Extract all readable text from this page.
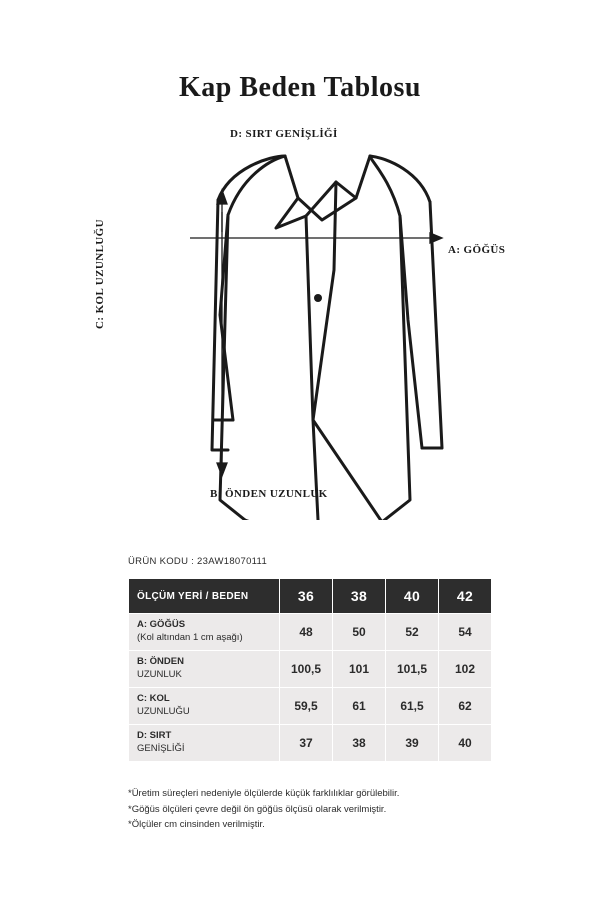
Kap Beden Tablosu
D: SIRT GENİŞLİĞİ
A: GÖĞÜS
C: KOL UZUNLUĞU
B: ÖNDEN UZUNLUK
ÜRÜN KODU : 23AW18070111
ÖLÇÜM YERİ / BEDEN	36	38	40	42

A: GÖĞÜS
(Kol altından 1 cm aşağı)	48	50	52	54

B: ÖNDEN
UZUNLUK	100,5	101	101,5	102

C: KOL
UZUNLUĞU	59,5	61	61,5	62

D: SIRT
GENİŞLİĞİ	37	38	39	40
*Üretim süreçleri nedeniyle ölçülerde küçük farklılıklar görülebilir.
*Göğüs ölçüleri çevre değil ön göğüs ölçüsü olarak verilmiştir.
*Ölçüler cm cinsinden verilmiştir.
